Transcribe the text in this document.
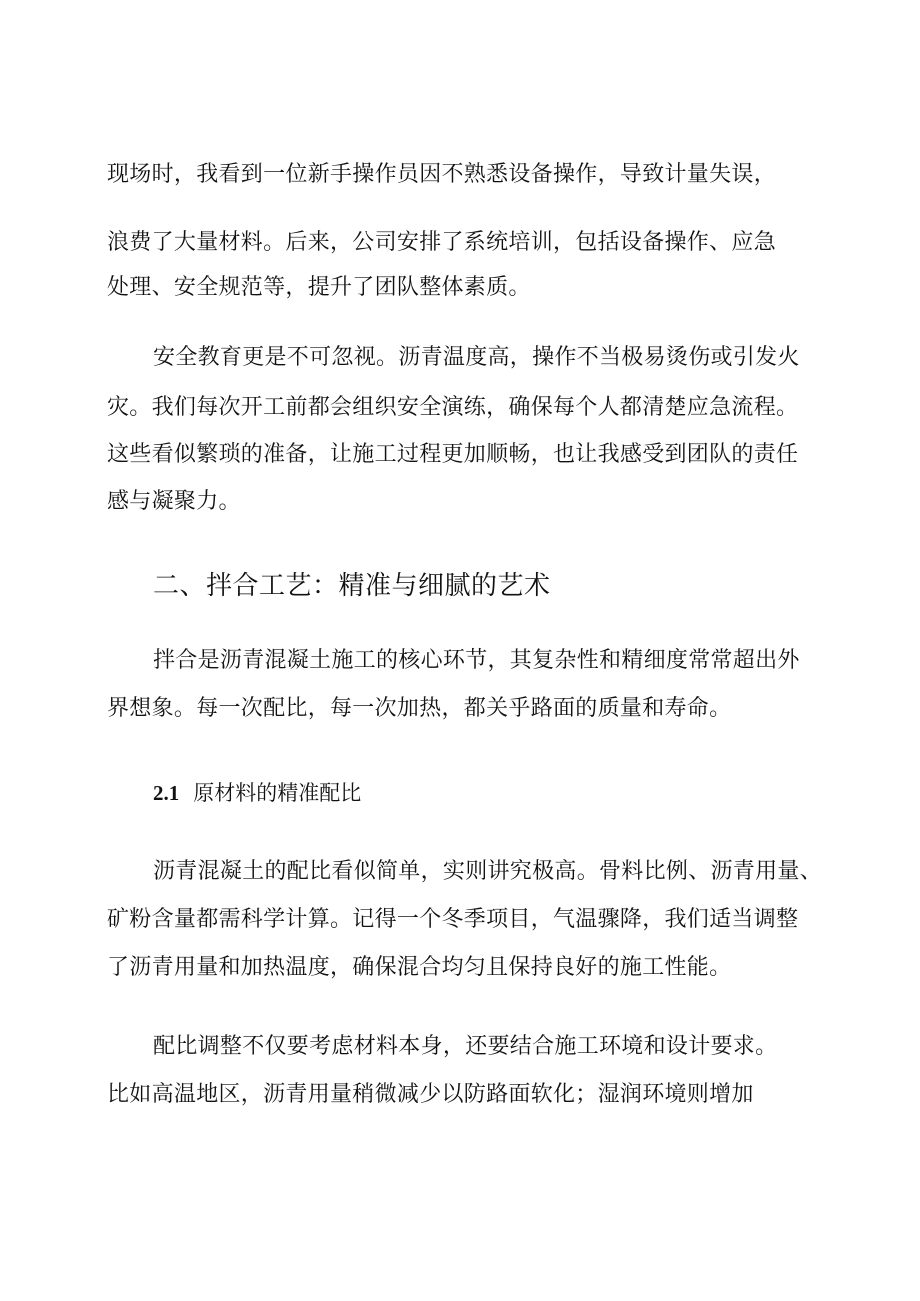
现场时，我看到一位新手操作员因不熟悉设备操作，导致计量失误，
浪费了大量材料。后来，公司安排了系统培训，包括设备操作、应急
处理、安全规范等，提升了团队整体素质。
安全教育更是不可忽视。沥青温度高，操作不当极易烫伤或引发火
灾。我们每次开工前都会组织安全演练，确保每个人都清楚应急流程。
这些看似繁琐的准备，让施工过程更加顺畅，也让我感受到团队的责任
感与凝聚力。
二、拌合工艺：精准与细腻的艺术
拌合是沥青混凝土施工的核心环节，其复杂性和精细度常常超出外
界想象。每一次配比，每一次加热，都关乎路面的质量和寿命。
2.1 原材料的精准配比
沥青混凝土的配比看似简单，实则讲究极高。骨料比例、沥青用量、
矿粉含量都需科学计算。记得一个冬季项目，气温骤降，我们适当调整
了沥青用量和加热温度，确保混合均匀且保持良好的施工性能。
配比调整不仅要考虑材料本身，还要结合施工环境和设计要求。
比如高温地区，沥青用量稍微减少以防路面软化；湿润环境则增加
